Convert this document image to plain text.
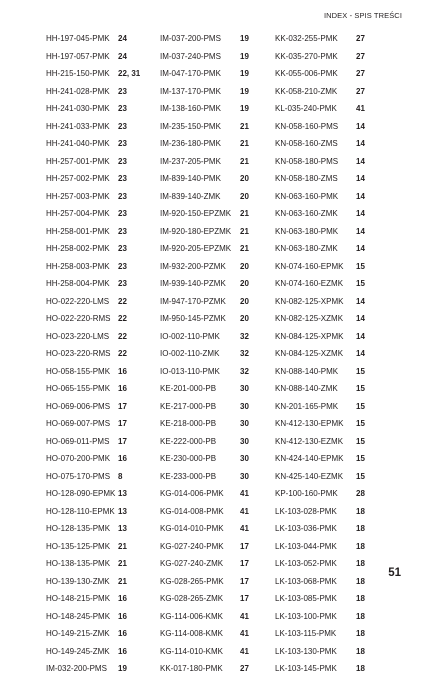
INDEX - SPIS TREŚCI
HH-197-045-PMK	24	IM-037-200-PMS	19	KK-032-255-PMK	27
HH-197-057-PMK	24	IM-037-240-PMS	19	KK-035-270-PMK	27
HH-215-150-PMK	22, 31	IM-047-170-PMK	19	KK-055-006-PMK	27
HH-241-028-PMK	23	IM-137-170-PMK	19	KK-058-210-ZMK	27
HH-241-030-PMK	23	IM-138-160-PMK	19	KL-035-240-PMK	41
HH-241-033-PMK	23	IM-235-150-PMK	21	KN-058-160-PMS	14
HH-241-040-PMK	23	IM-236-180-PMK	21	KN-058-160-ZMS	14
HH-257-001-PMK	23	IM-237-205-PMK	21	KN-058-180-PMS	14
HH-257-002-PMK	23	IM-839-140-PMK	20	KN-058-180-ZMS	14
HH-257-003-PMK	23	IM-839-140-ZMK	20	KN-063-160-PMK	14
HH-257-004-PMK	23	IM-920-150-EPZMK	21	KN-063-160-ZMK	14
HH-258-001-PMK	23	IM-920-180-EPZMK	21	KN-063-180-PMK	14
HH-258-002-PMK	23	IM-920-205-EPZMK	21	KN-063-180-ZMK	14
HH-258-003-PMK	23	IM-932-200-PZMK	20	KN-074-160-EPMK	15
HH-258-004-PMK	23	IM-939-140-PZMK	20	KN-074-160-EZMK	15
HO-022-220-LMS	22	IM-947-170-PZMK	20	KN-082-125-XPMK	14
HO-022-220-RMS	22	IM-950-145-PZMK	20	KN-082-125-XZMK	14
HO-023-220-LMS	22	IO-002-110-PMK	32	KN-084-125-XPMK	14
HO-023-220-RMS	22	IO-002-110-ZMK	32	KN-084-125-XZMK	14
HO-058-155-PMK	16	IO-013-110-PMK	32	KN-088-140-PMK	15
HO-065-155-PMK	16	KE-201-000-PB	30	KN-088-140-ZMK	15
HO-069-006-PMS	17	KE-217-000-PB	30	KN-201-165-PMK	15
HO-069-007-PMS	17	KE-218-000-PB	30	KN-412-130-EPMK	15
HO-069-011-PMS	17	KE-222-000-PB	30	KN-412-130-EZMK	15
HO-070-200-PMK	16	KE-230-000-PB	30	KN-424-140-EPMK	15
HO-075-170-PMS	8	KE-233-000-PB	30	KN-425-140-EZMK	15
HO-128-090-EPMK	13	KG-014-006-PMK	41	KP-100-160-PMK	28
HO-128-110-EPMK	13	KG-014-008-PMK	41	LK-103-028-PMK	18
HO-128-135-PMK	13	KG-014-010-PMK	41	LK-103-036-PMK	18
HO-135-125-PMK	21	KG-027-240-PMK	17	LK-103-044-PMK	18
HO-138-135-PMK	21	KG-027-240-ZMK	17	LK-103-052-PMK	18
HO-139-130-ZMK	21	KG-028-265-PMK	17	LK-103-068-PMK	18
HO-148-215-PMK	16	KG-028-265-ZMK	17	LK-103-085-PMK	18
HO-148-245-PMK	16	KG-114-006-KMK	41	LK-103-100-PMK	18
HO-149-215-ZMK	16	KG-114-008-KMK	41	LK-103-115-PMK	18
HO-149-245-ZMK	16	KG-114-010-KMK	41	LK-103-130-PMK	18
IM-032-200-PMS	19	KK-017-180-PMK	27	LK-103-145-PMK	18
51
